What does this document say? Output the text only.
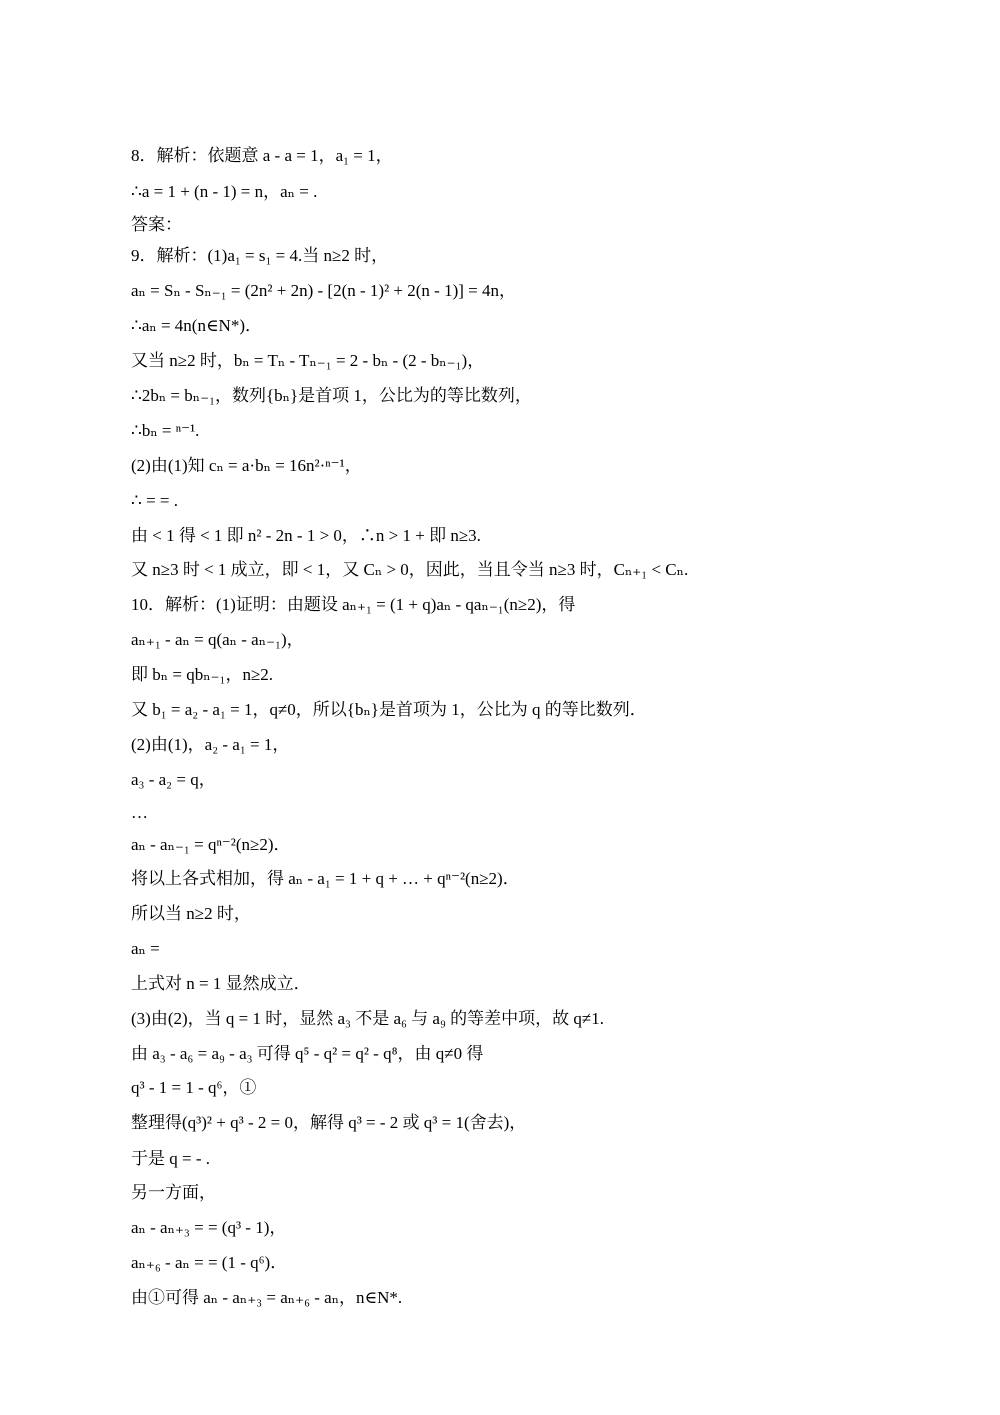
8．解析：依题意 a - a = 1，a₁ = 1，
∴a = 1 + (n - 1) = n，aₙ = .
答案：
9．解析：(1)a₁ = s₁ = 4.当 n≥2 时，
aₙ = Sₙ - Sₙ₋₁ = (2n² + 2n) - [2(n - 1)² + 2(n - 1)] = 4n，
∴aₙ = 4n(n∈N*)．
又当 n≥2 时，bₙ = Tₙ - Tₙ₋₁ = 2 - bₙ - (2 - bₙ₋₁)，
∴2bₙ = bₙ₋₁，数列{bₙ}是首项 1，公比为的等比数列，
∴bₙ = ⁿ⁻¹.
(2)由(1)知 cₙ = a·bₙ = 16n²·ⁿ⁻¹，
∴ = = .
由 < 1 得 < 1 即 n² - 2n - 1 > 0，∴n > 1 + 即 n≥3.
又 n≥3 时 < 1 成立，即 < 1，又 Cₙ > 0，因此，当且令当 n≥3 时，Cₙ₊₁ < Cₙ.
10．解析：(1)证明：由题设 aₙ₊₁ = (1 + q)aₙ - qaₙ₋₁(n≥2)，得
aₙ₊₁ - aₙ = q(aₙ - aₙ₋₁)，
即 bₙ = qbₙ₋₁，n≥2.
又 b₁ = a₂ - a₁ = 1，q≠0，所以{bₙ}是首项为 1，公比为 q 的等比数列．
(2)由(1)，a₂ - a₁ = 1，
a₃ - a₂ = q，
…
aₙ - aₙ₋₁ = qⁿ⁻²(n≥2)．
将以上各式相加，得 aₙ - a₁ = 1 + q + … + qⁿ⁻²(n≥2)．
所以当 n≥2 时，
aₙ =
上式对 n = 1 显然成立．
(3)由(2)，当 q = 1 时，显然 a₃ 不是 a₆ 与 a₉ 的等差中项，故 q≠1.
由 a₃ - a₆ = a₉ - a₃ 可得 q⁵ - q² = q² - q⁸，由 q≠0 得
q³ - 1 = 1 - q⁶，①
整理得(q³)² + q³ - 2 = 0，解得 q³ = - 2 或 q³ = 1(舍去)，
于是 q = - .
另一方面，
aₙ - aₙ₊₃ = = (q³ - 1)，
aₙ₊₆ - aₙ = = (1 - q⁶)．
由①可得 aₙ - aₙ₊₃ = aₙ₊₆ - aₙ，n∈N*.
